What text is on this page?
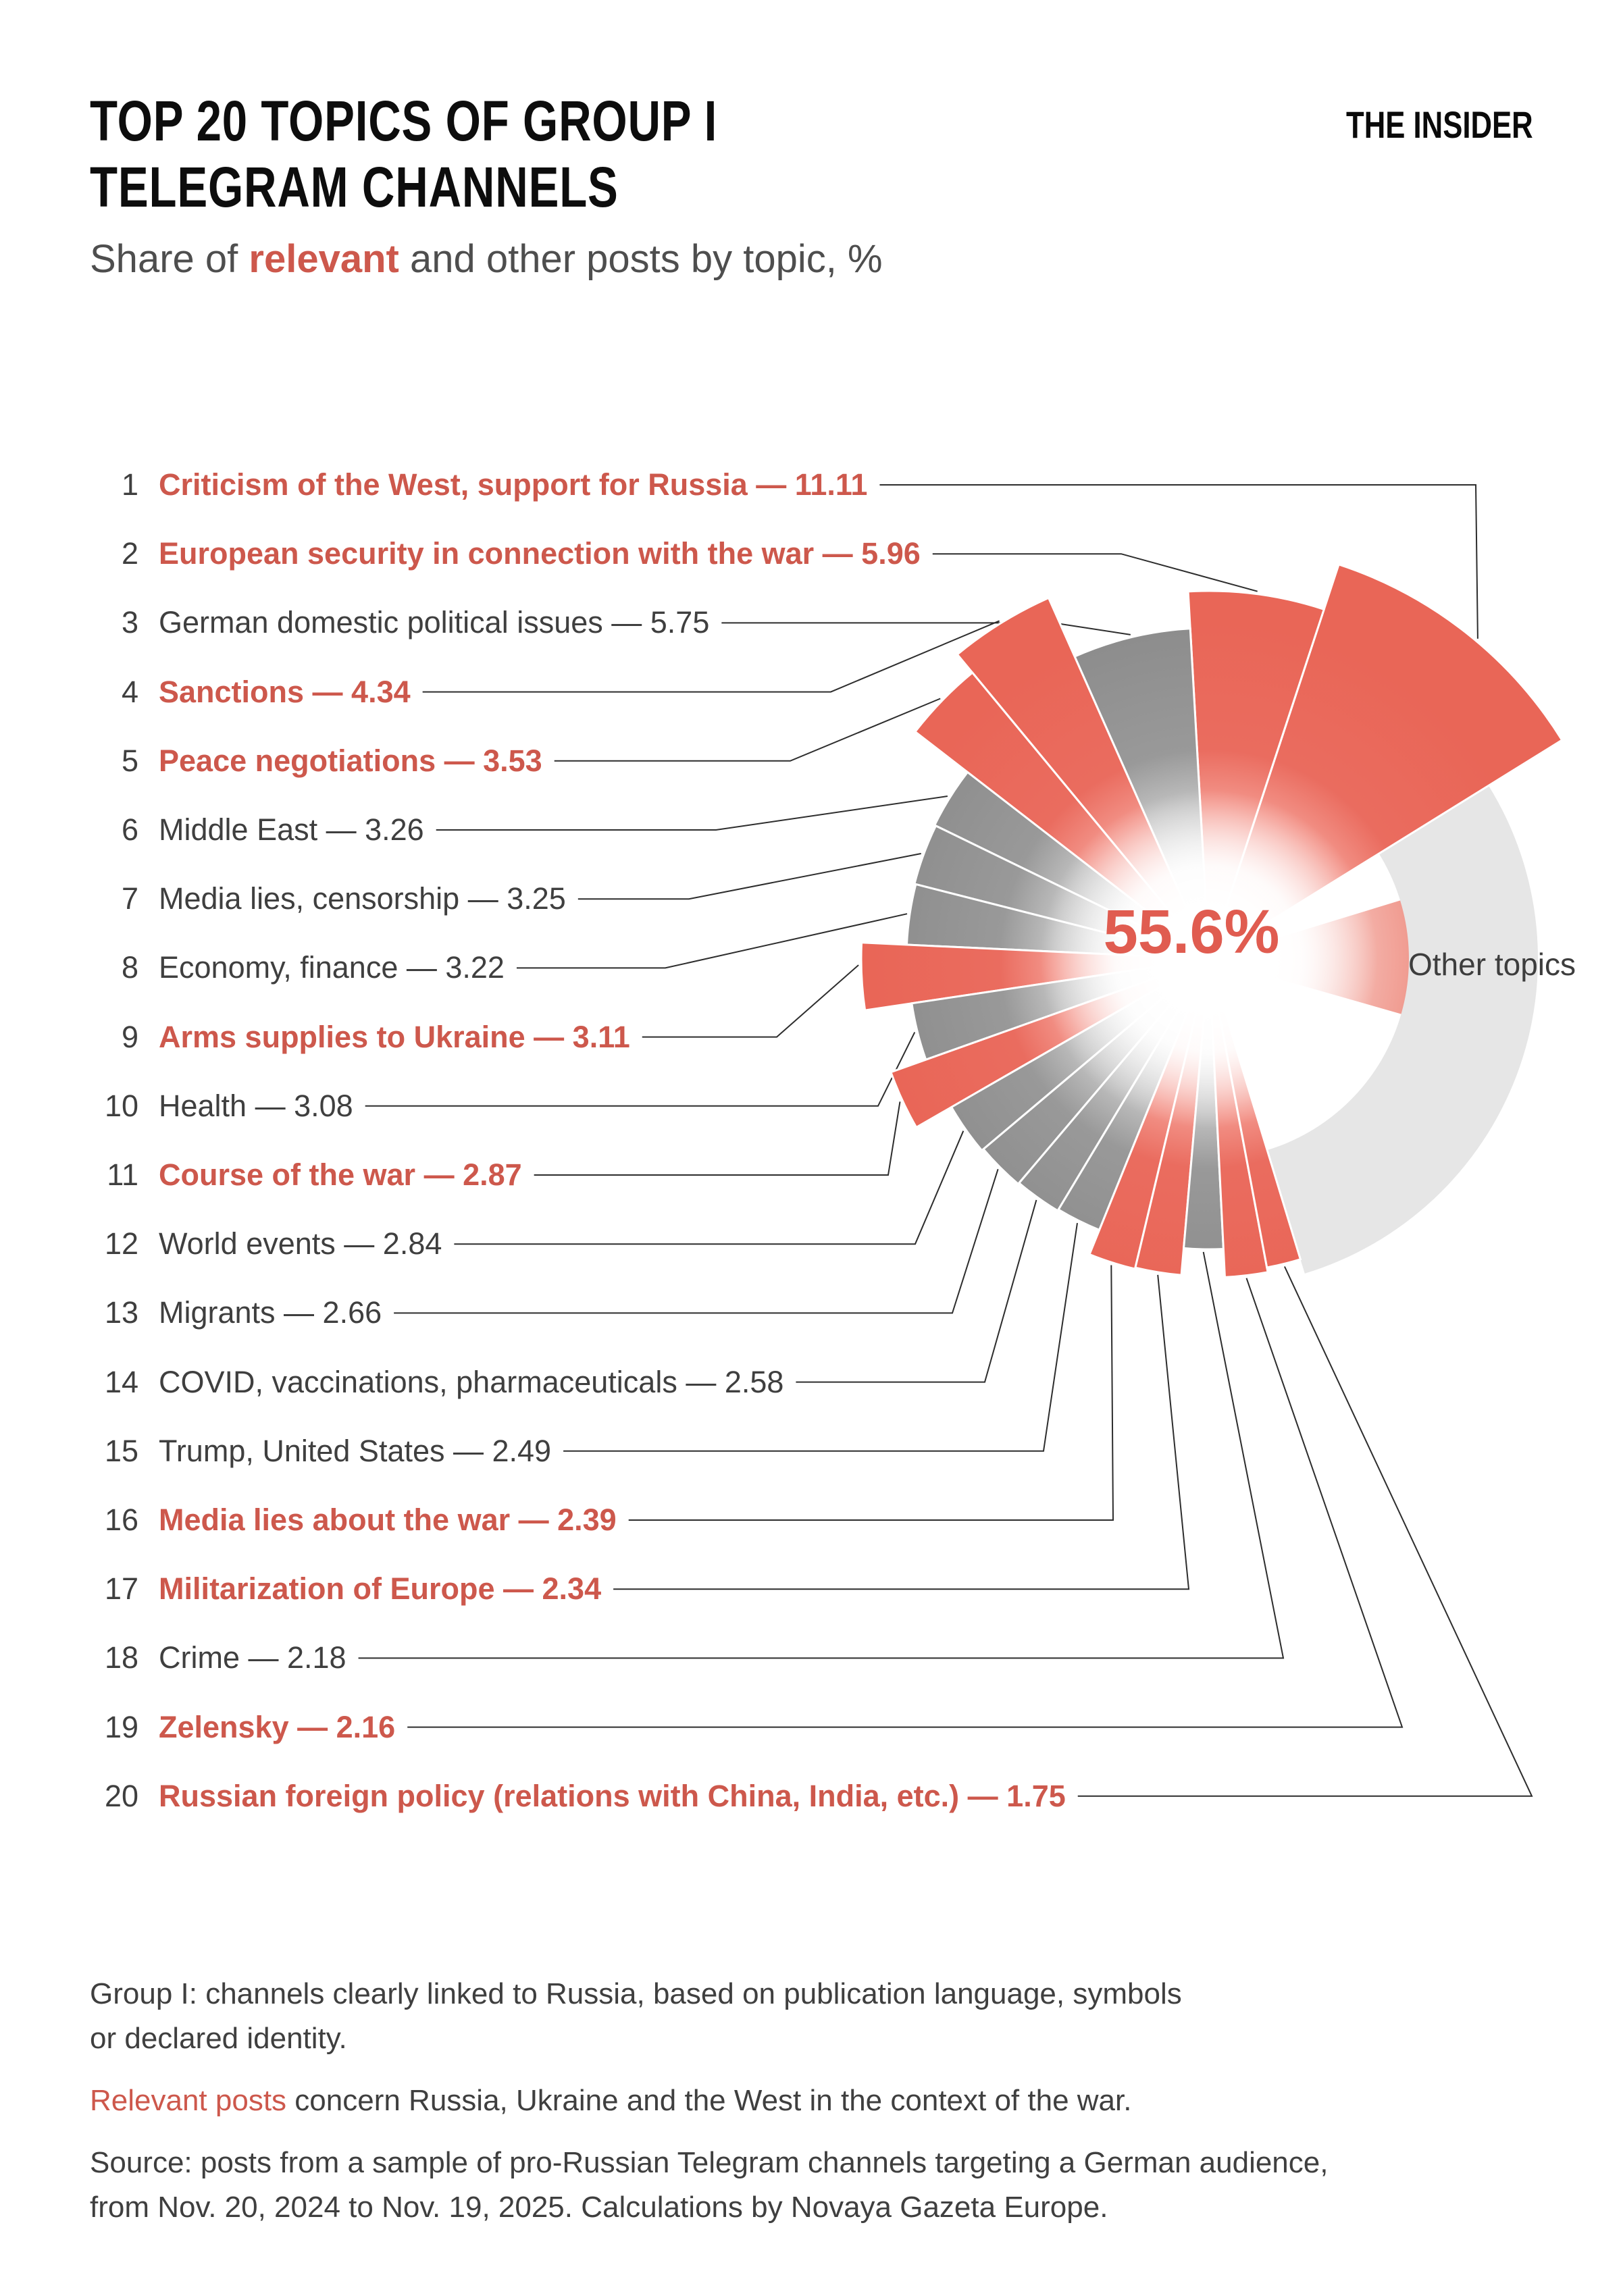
TOP 20 TOPICS OF GROUP I
TELEGRAM CHANNELS
THE INSIDER
Share of relevant and other posts by topic, %
1 Criticism of the West, support for Russia — 11.11
2 European security in connection with the war — 5.96
3 German domestic political issues — 5.75
4 Sanctions — 4.34
5 Peace negotiations — 3.53
6 Middle East — 3.26
7 Media lies, censorship — 3.25
8 Economy, finance — 3.22
9 Arms supplies to Ukraine — 3.11
10 Health — 3.08
11 Course of the war — 2.87
12 World events — 2.84
13 Migrants — 2.66
14 COVID, vaccinations, pharmaceuticals — 2.58
15 Trump, United States — 2.49
16 Media lies about the war — 2.39
17 Militarization of Europe — 2.34
18 Crime — 2.18
19 Zelensky — 2.16
20 Russian foreign policy (relations with China, India, etc.) — 1.75
55.6%	Other topics
Group I: channels clearly linked to Russia, based on publication language, symbols
or declared identity.
Relevant posts concern Russia, Ukraine and the West in the context of the war.
Source: posts from a sample of pro-Russian Telegram channels targeting a German audience,
from Nov. 20, 2024 to Nov. 19, 2025. Calculations by Novaya Gazeta Europe.
